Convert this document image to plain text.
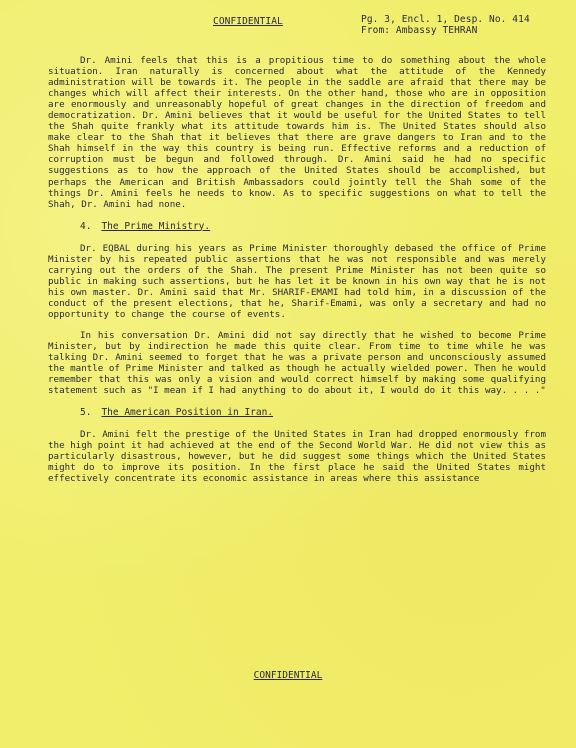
CONFIDENTIAL	Pg. 3, Encl. 1, Desp. No. 414
From: Ambassy TEHRAN

Dr. Amini feels that this is a propitious time to do something about the whole situation. Iran naturally is concerned about what the attitude of the Kennedy administration will be towards it. The people in the saddle are afraid that there may be changes which will affect their interests. On the other hand, those who are in opposition are enormously and unreasonably hopeful of great changes in the direction of freedom and democratization. Dr. Amini believes that it would be useful for the United States to tell the Shah quite frankly what its attitude towards him is. The United States should also make clear to the Shah that it believes that there are grave dangers to Iran and to the Shah himself in the way this country is being run. Effective reforms and a reduction of corruption must be begun and followed through. Dr. Amini said he had no specific suggestions as to how the approach of the United States should be accomplished, but perhaps the American and British Ambassadors could jointly tell the Shah some of the things Dr. Amini feels he needs to know. As to specific suggestions on what to tell the Shah, Dr. Amini had none.

4. The Prime Ministry.

Dr. EQBAL during his years as Prime Minister thoroughly debased the office of Prime Minister by his repeated public assertions that he was not responsible and was merely carrying out the orders of the Shah. The present Prime Minister has not been quite so public in making such assertions, but he has let it be known in his own way that he is not his own master. Dr. Amini said that Mr. SHARIF-EMAMI had told him, in a discussion of the conduct of the present elections, that he, Sharif-Emami, was only a secretary and had no opportunity to change the course of events.

In his conversation Dr. Amini did not say directly that he wished to become Prime Minister, but by indirection he made this quite clear. From time to time while he was talking Dr. Amini seemed to forget that he was a private person and unconsciously assumed the mantle of Prime Minister and talked as though he actually wielded power. Then he would remember that this was only a vision and would correct himself by making some qualifying statement such as "I mean if I had anything to do about it, I would do it this way. . . ."

5. The American Position in Iran.

Dr. Amini felt the prestige of the United States in Iran had dropped enormously from the high point it had achieved at the end of the Second World War. He did not view this as particularly disastrous, however, but he did suggest some things which the United States might do to improve its position. In the first place he said the United States might effectively concentrate its economic assistance in areas where this assistance

CONFIDENTIAL
